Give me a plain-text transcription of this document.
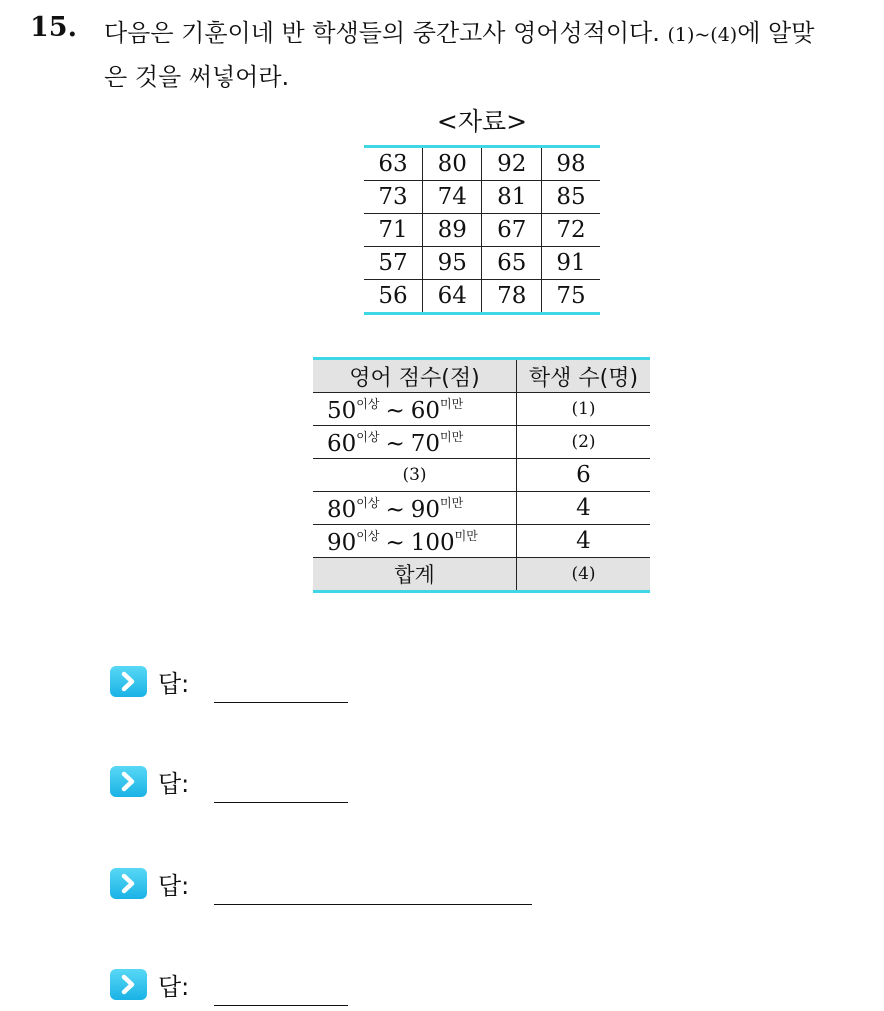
15. 다음은 기훈이네 반 학생들의 중간고사 영어성적이다. (1)~(4)에 알맞
은 것을 써넣어라.
<자료>
63	80	92	98
73	74	81	85
71	89	67	72
57	95	65	91
56	64	78	75
영어 점수(점)	학생 수(명)
$50^{이상}$ ~ $60^{미만}$	(1)
$60^{이상}$ ~ $70^{미만}$	(2)
(3)	6
$80^{이상}$ ~ $90^{미만}$	4
$90^{이상}$ ~ $100^{미만}$	4
합계	(4)
답:
답:
답:
답:
